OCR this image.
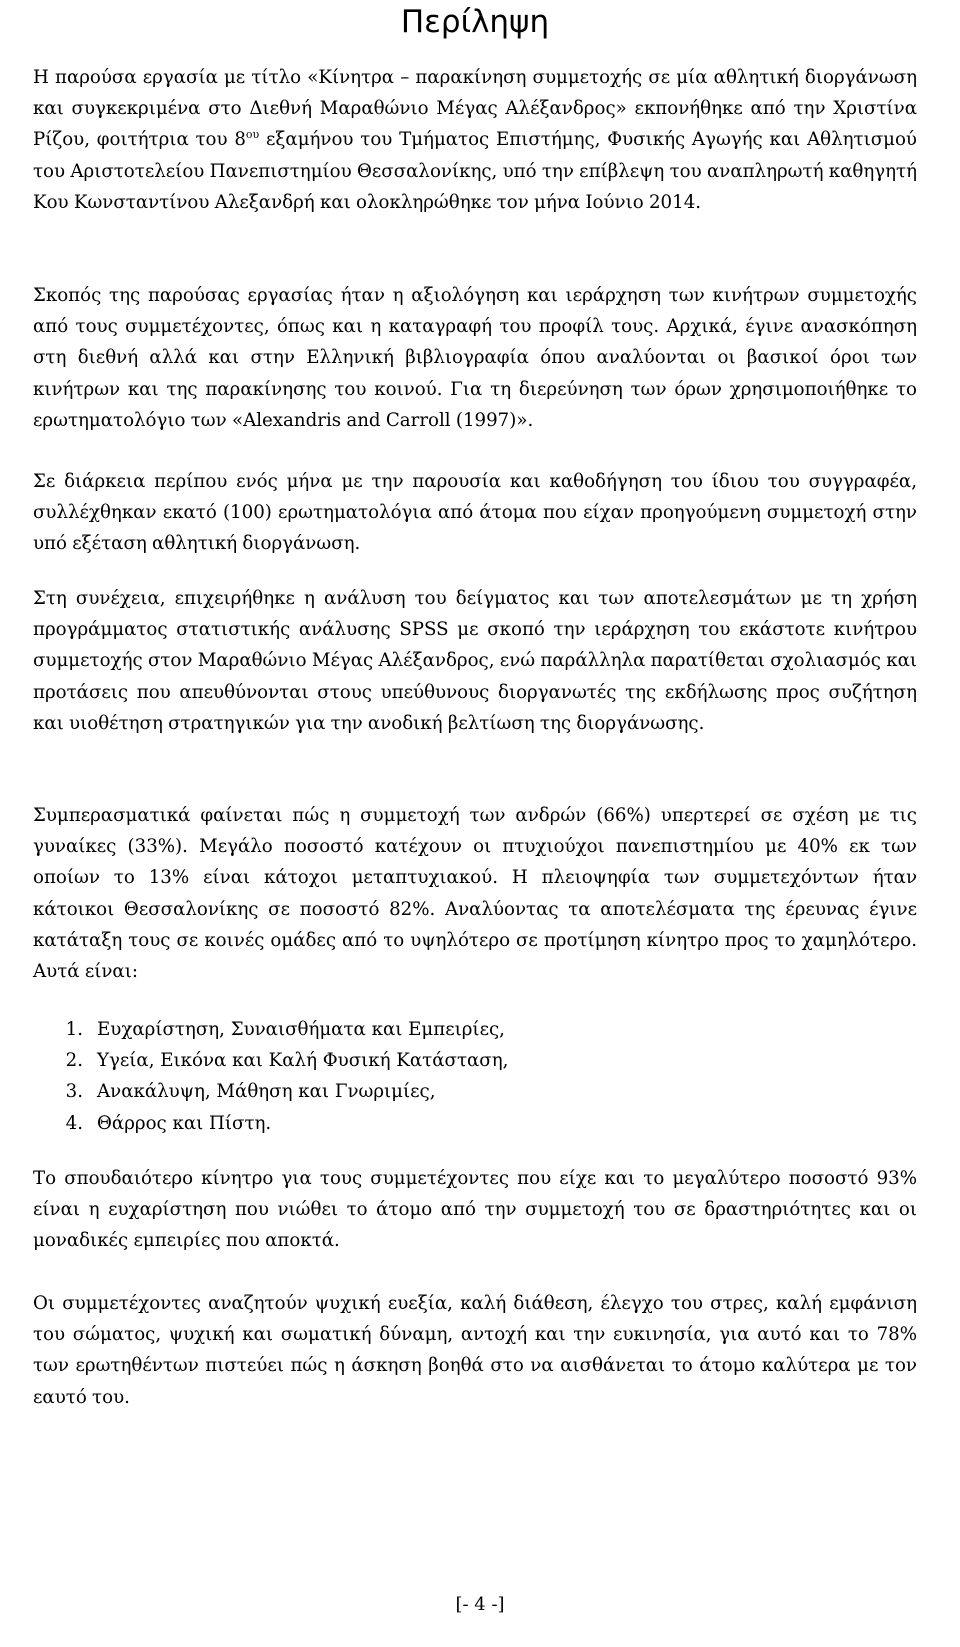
Περίληψη

Η παρούσα εργασία με τίτλο «Κίνητρα – παρακίνηση συμμετοχής σε μία αθλητική διοργάνωση και συγκεκριμένα στο Διεθνή Μαραθώνιο Μέγας Αλέξανδρος» εκπονήθηκε από την Χριστίνα Ρίζου, φοιτήτρια του $8^{o\upsilon}$ εξαμήνου του Τμήματος Επιστήμης, Φυσικής Αγωγής και Αθλητισμού του Αριστοτελείου Πανεπιστημίου Θεσσαλονίκης, υπό την επίβλεψη του αναπληρωτή καθηγητή Κου Κωνσταντίνου Αλεξανδρή και ολοκληρώθηκε τον μήνα Ιούνιο 2014.

Σκοπός της παρούσας εργασίας ήταν η αξιολόγηση και ιεράρχηση των κινήτρων συμμετοχής από τους συμμετέχοντες, όπως και η καταγραφή του προφίλ τους. Αρχικά, έγινε ανασκόπηση στη διεθνή αλλά και στην Ελληνική βιβλιογραφία όπου αναλύονται οι βασικοί όροι των κινήτρων και της παρακίνησης του κοινού. Για τη διερεύνηση των όρων χρησιμοποιήθηκε το ερωτηματολόγιο των «Alexandris and Carroll (1997)».

Σε διάρκεια περίπου ενός μήνα με την παρουσία και καθοδήγηση του ίδιου του συγγραφέα, συλλέχθηκαν εκατό (100) ερωτηματολόγια από άτομα που είχαν προηγούμενη συμμετοχή στην υπό εξέταση αθλητική διοργάνωση.

Στη συνέχεια, επιχειρήθηκε η ανάλυση του δείγματος και των αποτελεσμάτων με τη χρήση προγράμματος στατιστικής ανάλυσης SPSS με σκοπό την ιεράρχηση του εκάστοτε κινήτρου συμμετοχής στον Μαραθώνιο Μέγας Αλέξανδρος, ενώ παράλληλα παρατίθεται σχολιασμός και προτάσεις που απευθύνονται στους υπεύθυνους διοργανωτές της εκδήλωσης προς συζήτηση και υιοθέτηση στρατηγικών για την ανοδική βελτίωση της διοργάνωσης.

Συμπερασματικά φαίνεται πώς η συμμετοχή των ανδρών (66%) υπερτερεί σε σχέση με τις γυναίκες (33%). Μεγάλο ποσοστό κατέχουν οι πτυχιούχοι πανεπιστημίου με 40% εκ των οποίων το 13% είναι κάτοχοι μεταπτυχιακού. Η πλειοψηφία των συμμετεχόντων ήταν κάτοικοι Θεσσαλονίκης σε ποσοστό 82%. Αναλύοντας τα αποτελέσματα της έρευνας έγινε κατάταξη τους σε κοινές ομάδες από το υψηλότερο σε προτίμηση κίνητρο προς το χαμηλότερο. Αυτά είναι:

1. Ευχαρίστηση, Συναισθήματα και Εμπειρίες,
2. Υγεία, Εικόνα και Καλή Φυσική Κατάσταση,
3. Ανακάλυψη, Μάθηση και Γνωριμίες,
4. Θάρρος και Πίστη.

Το σπουδαιότερο κίνητρο για τους συμμετέχοντες που είχε και το μεγαλύτερο ποσοστό 93% είναι η ευχαρίστηση που νιώθει το άτομο από την συμμετοχή του σε δραστηριότητες και οι μοναδικές εμπειρίες που αποκτά.

Οι συμμετέχοντες αναζητούν ψυχική ευεξία, καλή διάθεση, έλεγχο του στρες, καλή εμφάνιση του σώματος, ψυχική και σωματική δύναμη, αντοχή και την ευκινησία, για αυτό και το 78% των ερωτηθέντων πιστεύει πώς η άσκηση βοηθά στο να αισθάνεται το άτομο καλύτερα με τον εαυτό του.

[- 4 -]
